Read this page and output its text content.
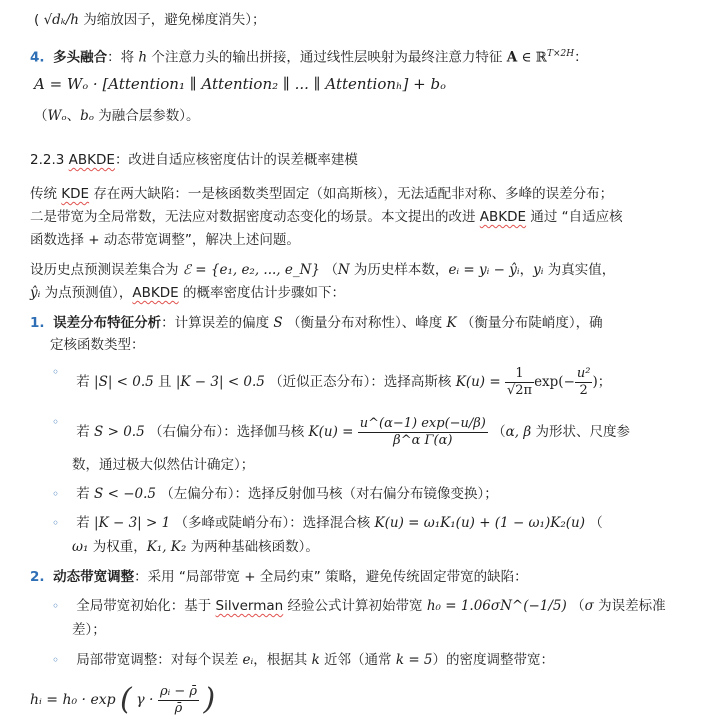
( √dₖ/h 为缩放因子，避免梯度消失）；
4. 多头融合：将 h 个注意力头的输出拼接，通过线性层映射为最终注意力特征 A ∈ ℝ$^{T\times 2H}$：
A = Wₒ · [Attention₁ ∥ Attention₂ ∥ ... ∥ Attentionₕ] + bₒ
（Wₒ、bₒ 为融合层参数）。
2.2.3 ABKDE：改进自适应核密度估计的误差概率建模
传统 KDE 存在两大缺陷：一是核函数类型固定（如高斯核），无法适配非对称、多峰的误差分布；
二是带宽为全局常数，无法应对数据密度动态变化的场景。本文提出的改进 ABKDE 通过 “自适应核
函数选择 + 动态带宽调整”，解决上述问题。
设历史点预测误差集合为 ℰ = {e₁, e₂, ..., e_N} （N 为历史样本数，eᵢ = yᵢ − ŷᵢ，yᵢ 为真实值，
ŷᵢ 为点预测值），ABKDE 的概率密度估计步骤如下：
1. 误差分布特征分析：计算误差的偏度 S （衡量分布对称性）、峰度 K （衡量分布陡峭度），确
定核函数类型：
◦    若 |S| < 0.5 且 |K − 3| < 0.5 （近似正态分布）：选择高斯核 $K(u) = \frac{1}{√2\pi} \exp(- \frac{\text{u²}}{2}$ )；
◦    若 S > 0.5 （右偏分布）：选择伽马核 $K(u) = \frac{u\^{}(\alpha-1) \exp(-u/\beta)}{\text{β\textasciicircum{}α Γ(α)}} (\alpha$, β 为形状、尺度参
数，通过极大似然估计确定）；
◦ 若 S < −0.5 （左偏分布）：选择反射伽马核（对右偏分布镜像变换）；
◦ 若 |K − 3| > 1 （多峰或陡峭分布）：选择混合核 K(u) = ω₁K₁(u) + (1 − ω₁)K₂(u) （
ω₁ 为权重，K₁, K₂ 为两种基础核函数）。
2. 动态带宽调整：采用 “局部带宽 + 全局约束” 策略，避免传统固定带宽的缺陷：
◦ 全局带宽初始化：基于 Silverman 经验公式计算初始带宽 h₀ = 1.06σN^(−1/5) （σ 为误差标准
差）；
◦ 局部带宽调整：对每个误差 eᵢ，根据其 k 近邻（通常 k = 5）的密度调整带宽：
hᵢ = h₀ · exp ( $\gamma \cdot \frac{\text{ρᵢ − ρ̄}}{\rhō}$ )
